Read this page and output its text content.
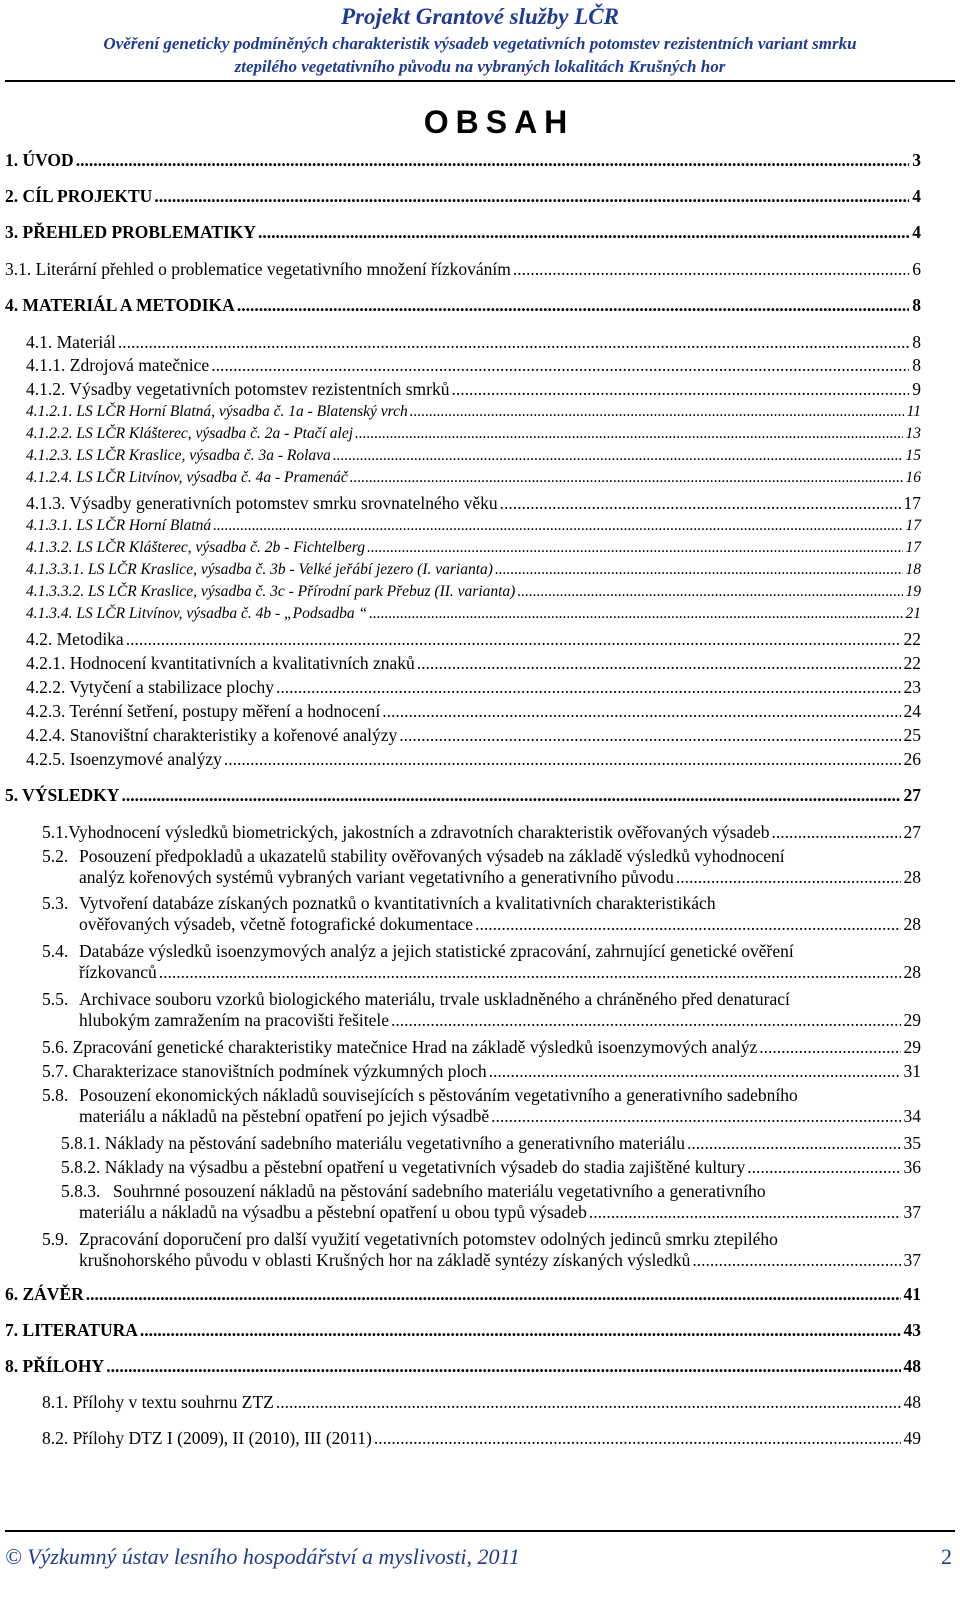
Projekt Grantové služby LČR
Ověření geneticky podmíněných charakteristik výsadeb vegetativních potomstev rezistentních variant smrku
ztepilého vegetativního původu na vybraných lokalitách Krušných hor
OBSAH
1. ÚVOD .....	3
2. CÍL PROJEKTU .....	4
3. PŘEHLED PROBLEMATIKY .....	4
3.1. Literární přehled o problematice vegetativního množení řízkováním .....	6
4. MATERIÁL A METODIKA .....	8
4.1. Materiál .....	8
4.1.1. Zdrojová matečnice .....	8
4.1.2. Výsadby vegetativních potomstev rezistentních smrků .....	9
4.1.2.1. LS LČR Horní Blatná, výsadba č. 1a - Blatenský vrch .....	11
4.1.2.2. LS LČR Klášterec, výsadba č. 2a - Ptačí alej .....	13
4.1.2.3. LS LČR Kraslice, výsadba č. 3a - Rolava .....	15
4.1.2.4. LS LČR Litvínov, výsadba č. 4a - Pramenáč .....	16
4.1.3. Výsadby generativních potomstev smrku srovnatelného věku .....	17
4.1.3.1. LS LČR Horní Blatná .....	17
4.1.3.2. LS LČR Klášterec, výsadba č. 2b - Fichtelberg .....	17
4.1.3.3.1. LS LČR Kraslice, výsadba č. 3b - Velké jeřábí jezero (I. varianta) .....	18
4.1.3.3.2. LS LČR Kraslice, výsadba č. 3c - Přírodní park Přebuz (II. varianta) .....	19
4.1.3.4. LS LČR Litvínov, výsadba č. 4b - „Podsadba “ .....	21
4.2. Metodika .....	22
4.2.1. Hodnocení kvantitativních a kvalitativních znaků .....	22
4.2.2. Vytyčení a stabilizace plochy .....	23
4.2.3. Terénní šetření, postupy měření a hodnocení .....	24
4.2.4. Stanovištní charakteristiky a kořenové analýzy .....	25
4.2.5. Isoenzymové analýzy .....	26
5. VÝSLEDKY .....	27
5.1. Vyhodnocení výsledků biometrických, jakostních a zdravotních charakteristik ověřovaných výsadeb .....	27
5.2. Posouzení předpokladů a ukazatelů stability ověřovaných výsadeb na základě výsledků vyhodnocení
analýz kořenových systémů vybraných variant vegetativního a generativního původu .....	28
5.3. Vytvoření databáze získaných poznatků o kvantitativních a kvalitativních charakteristikách
ověřovaných výsadeb, včetně fotografické dokumentace .....	28
5.4. Databáze výsledků isoenzymových analýz a jejich statistické zpracování, zahrnující genetické ověření
řízkovanců .....	28
5.5. Archivace souboru vzorků biologického materiálu, trvale uskladněného a chráněného před denaturací
hlubokým zamražením na pracovišti řešitele .....	29
5.6. Zpracování genetické charakteristiky matečnice Hrad na základě výsledků isoenzymových analýz .....	29
5.7. Charakterizace stanovištních podmínek výzkumných ploch .....	31
5.8. Posouzení ekonomických nákladů souvisejících s pěstováním vegetativního a generativního sadebního
materiálu a nákladů na pěstební opatření po jejich výsadbě .....	34
5.8.1. Náklady na pěstování sadebního materiálu vegetativního a generativního materiálu .....	35
5.8.2. Náklady na výsadbu a pěstební opatření u vegetativních výsadeb do stadia zajištěné kultury .....	36
5.8.3. Souhrnné posouzení nákladů na pěstování sadebního materiálu vegetativního a generativního
materiálu a nákladů na výsadbu a pěstební opatření u obou typů výsadeb .....	37
5.9. Zpracování doporučení pro další využití vegetativních potomstev odolných jedinců smrku ztepilého
krušnohorského původu v oblasti Krušných hor na základě syntézy získaných výsledků .....	37
6. ZÁVĚR .....	41
7. LITERATURA .....	43
8. PŘÍLOHY .....	48
8.1. Přílohy v textu souhrnu ZTZ .....	48
8.2. Přílohy DTZ I (2009), II (2010), III (2011) .....	49
© Výzkumný ústav lesního hospodářství a myslivosti, 2011	2
